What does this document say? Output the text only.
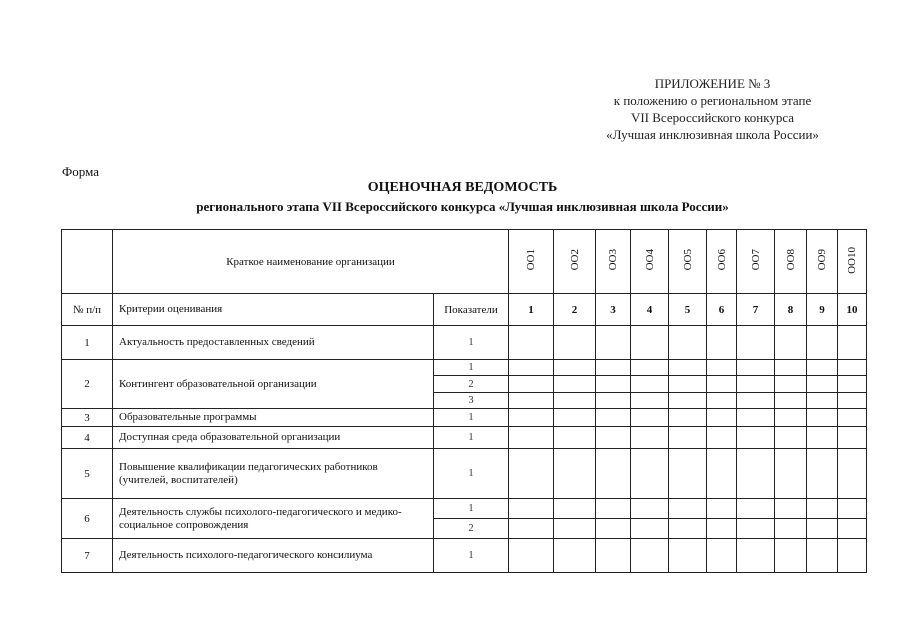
ПРИЛОЖЕНИЕ № 3
к положению о региональном этапе
VII Всероссийского конкурса
«Лучшая инклюзивная школа России»
Форма
ОЦЕНОЧНАЯ ВЕДОМОСТЬ
регионального этапа VII Всероссийского конкурса «Лучшая инклюзивная школа России»
	Краткое наименование организации		ОО1	ОО2	ОО3	ОО4	ОО5	ОО6	ОО7	ОО8	ОО9	ОО10
№ п/п	Критерии оценивания	Показатели	1	2	3	4	5	6	7	8	9	10
1	Актуальность предоставленных сведений	1										
2	Контингент образовательной организации	1										
		2										
		3										
3	Образовательные программы	1										
4	Доступная среда образовательной организации	1										
5	Повышение квалификации педагогических работников (учителей, воспитателей)	1										
6	Деятельность службы психолого-педагогического и медико-социальное сопровождения	1										
		2										
7	Деятельность психолого-педагогического консилиума	1										
